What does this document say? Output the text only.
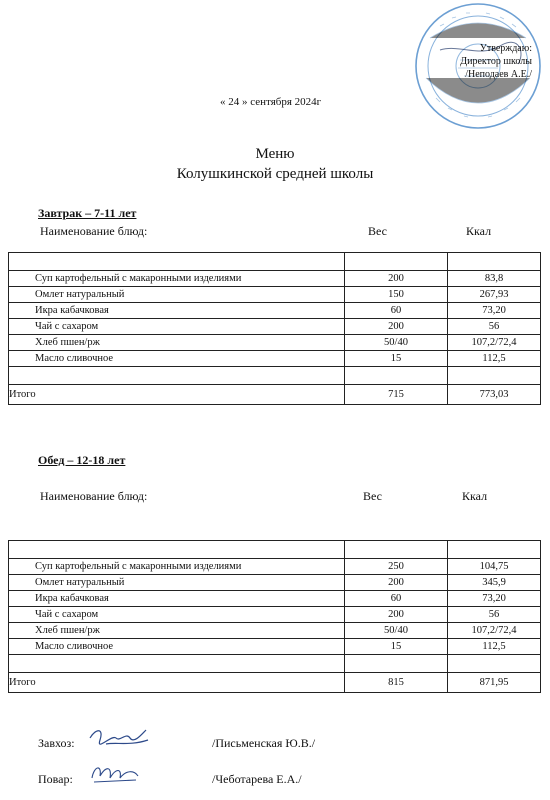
Утверждаю:
Директор школы
/Неподаев А.Е./
« 24 » сентября 2024г
Меню
Колушкинской средней школы
Завтрак – 7-11 лет
Наименование блюд:	Вес	Ккал

Суп картофельный с макаронными изделиями	200	83,8
Омлет натуральный	150	267,93
Икра кабачковая	60	73,20
Чай с сахаром	200	56
Хлеб пшен/рж	50/40	107,2/72,4
Масло сливочное	15	112,5

Итого	715	773,03
Обед – 12-18 лет
Наименование блюд:	Вес	Ккал

Суп картофельный с макаронными изделиями	250	104,75
Омлет натуральный	200	345,9
Икра кабачковая	60	73,20
Чай с сахаром	200	56
Хлеб пшен/рж	50/40	107,2/72,4
Масло сливочное	15	112,5

Итого	815	871,95
Завхоз:	/Письменская Ю.В./
Повар:	/Чеботарева Е.А./
